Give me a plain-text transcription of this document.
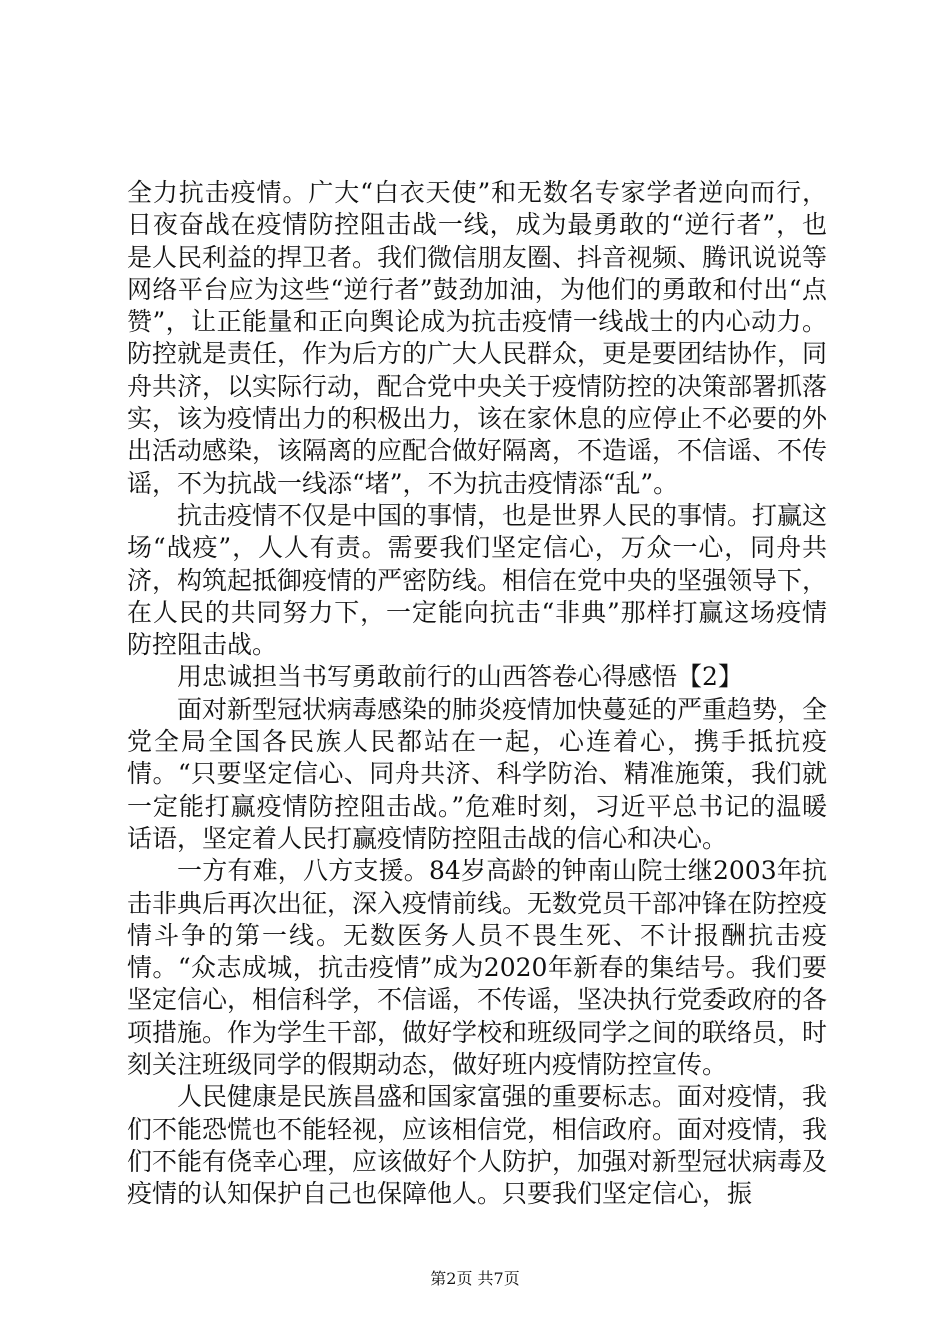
全力抗击疫情。广大“白衣天使”和无数名专家学者逆向而行，日夜奋战在疫情防控阻击战一线，成为最勇敢的“逆行者”，也是人民利益的捍卫者。我们微信朋友圈、抖音视频、腾讯说说等网络平台应为这些“逆行者”鼓劲加油，为他们的勇敢和付出“点赞”，让正能量和正向舆论成为抗击疫情一线战士的内心动力。防控就是责任，作为后方的广大人民群众，更是要团结协作，同舟共济，以实际行动，配合党中央关于疫情防控的决策部署抓落实，该为疫情出力的积极出力，该在家休息的应停止不必要的外出活动感染，该隔离的应配合做好隔离，不造谣，不信谣、不传谣，不为抗战一线添“堵”，不为抗击疫情添“乱”。

抗击疫情不仅是中国的事情，也是世界人民的事情。打赢这场“战疫”，人人有责。需要我们坚定信心，万众一心，同舟共济，构筑起抵御疫情的严密防线。相信在党中央的坚强领导下，在人民的共同努力下，一定能向抗击“非典”那样打赢这场疫情防控阻击战。

用忠诚担当书写勇敢前行的山西答卷心得感悟【2】

面对新型冠状病毒感染的肺炎疫情加快蔓延的严重趋势，全党全局全国各民族人民都站在一起，心连着心，携手抵抗疫情。“只要坚定信心、同舟共济、科学防治、精准施策，我们就一定能打赢疫情防控阻击战。”危难时刻，习近平总书记的温暖话语，坚定着人民打赢疫情防控阻击战的信心和决心。

一方有难，八方支援。84岁高龄的钟南山院士继2003年抗击非典后再次出征，深入疫情前线。无数党员干部冲锋在防控疫情斗争的第一线。无数医务人员不畏生死、不计报酬抗击疫情。“众志成城，抗击疫情”成为2020年新春的集结号。我们要坚定信心，相信科学，不信谣，不传谣，坚决执行党委政府的各项措施。作为学生干部，做好学校和班级同学之间的联络员，时刻关注班级同学的假期动态，做好班内疫情防控宣传。

人民健康是民族昌盛和国家富强的重要标志。面对疫情，我们不能恐慌也不能轻视，应该相信党，相信政府。面对疫情，我们不能有侥幸心理，应该做好个人防护，加强对新型冠状病毒及疫情的认知保护自己也保障他人。只要我们坚定信心，振

第2页 共7页
